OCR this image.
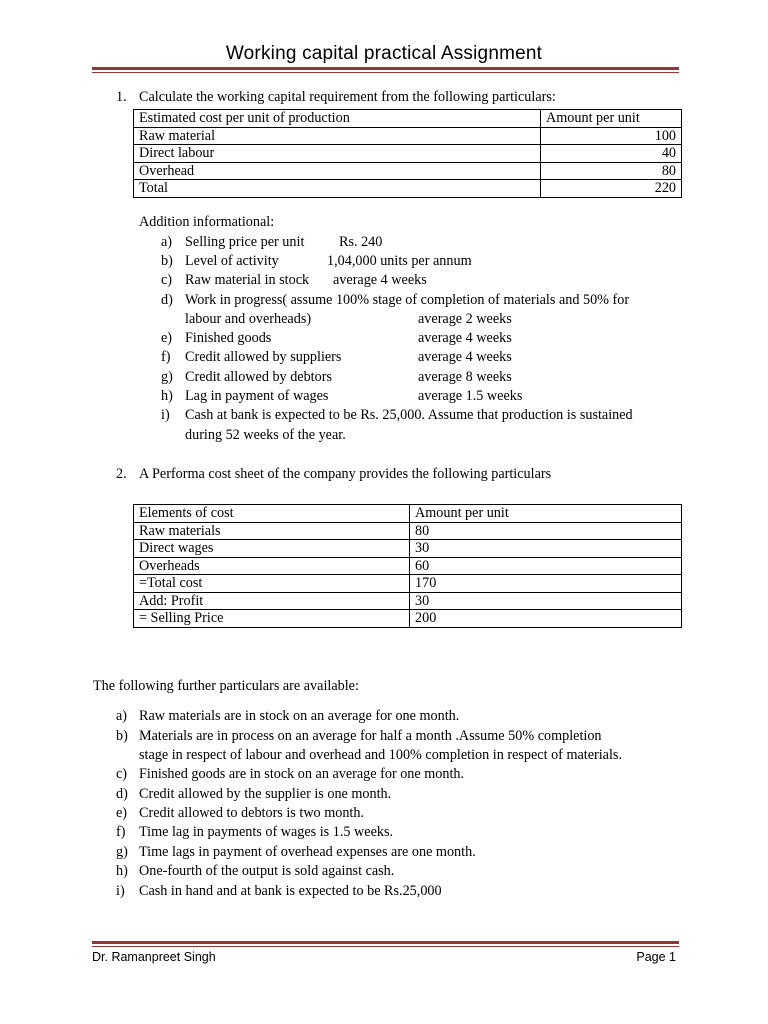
Working capital practical Assignment
1. Calculate the working capital requirement from the following particulars:
Estimated cost per unit of production	Amount per unit
Raw material	100
Direct labour	40
Overhead	80
Total	220
Addition informational:
a) Selling price per unit Rs. 240
b) Level of activity	1,04,000 units per annum
c) Raw material in stock average 4 weeks
d) Work in progress( assume 100% stage of completion of materials and 50% for
labour and overheads)	average 2 weeks
e) Finished goods	average 4 weeks
f) Credit allowed by suppliers	average 4 weeks
g) Credit allowed by debtors	average 8 weeks
h) Lag in payment of wages	average 1.5 weeks
i) Cash at bank is expected to be Rs. 25,000. Assume that production is sustained
during 52 weeks of the year.
2. A Performa cost sheet of the company provides the following particulars
Elements of cost	Amount per unit
Raw materials	80
Direct wages	30
Overheads	60
=Total cost	170
Add: Profit	30
= Selling Price	200
The following further particulars are available:
a) Raw materials are in stock on an average for one month.
b) Materials are in process on an average for half a month .Assume 50% completion
stage in respect of labour and overhead and 100% completion in respect of materials.
c) Finished goods are in stock on an average for one month.
d) Credit allowed by the supplier is one month.
e) Credit allowed to debtors is two month.
f) Time lag in payments of wages is 1.5 weeks.
g) Time lags in payment of overhead expenses are one month.
h) One-fourth of the output is sold against cash.
i) Cash in hand and at bank is expected to be Rs.25,000
Dr. Ramanpreet Singh	Page 1
